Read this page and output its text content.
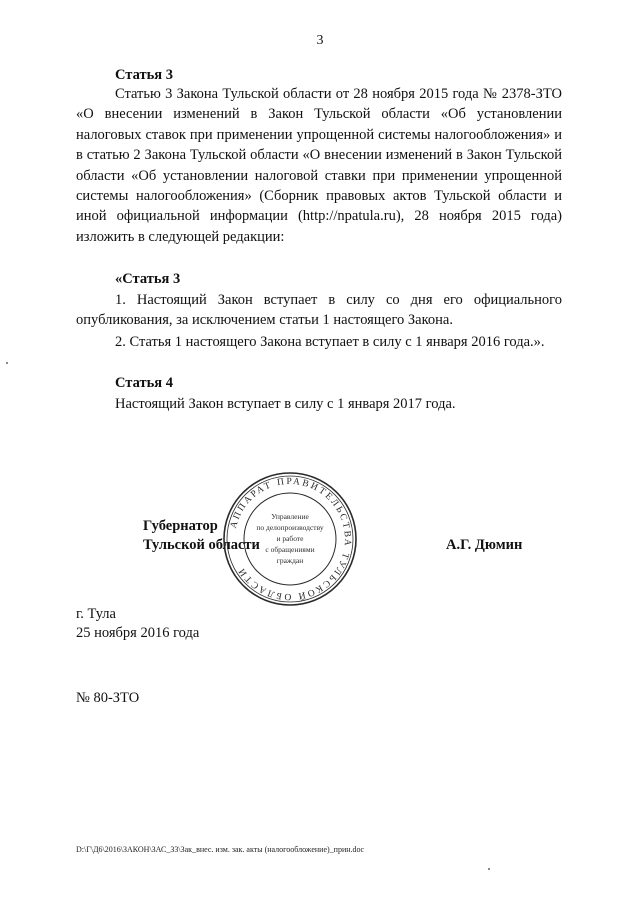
3
Статья 3
Статью 3 Закона Тульской области от 28 ноября 2015 года № 2378-ЗТО «О внесении изменений в Закон Тульской области «Об установлении налоговых ставок при применении упрощенной системы налогообложения» и в статью 2 Закона Тульской области «О внесении изменений в Закон Тульской области «Об установлении налоговой ставки при применении упрощенной системы налогообложения» (Сборник правовых актов Тульской области и иной официальной информации (http://npatula.ru), 28 ноября 2015 года) изложить в следующей редакции:
«Статья 3
1. Настоящий Закон вступает в силу со дня его официального опубликования, за исключением статьи 1 настоящего Закона.
2. Статья 1 настоящего Закона вступает в силу с 1 января 2016 года.».
Статья 4
Настоящий Закон вступает в силу с 1 января 2017 года.
АППАРАТ ПРАВИТЕЛЬСТВА ТУЛЬСКОЙ ОБЛАСТИ
Управление
по делопроизводству
и работе
с обращениями
граждан
Губернатор
Тульской области	А.Г. Дюмин
г. Тула
25 ноября 2016 года
№ 80-ЗТО
D:\Г\Д6\2016\ЗАКОН\ЗАС_33\Зак_внес. изм. зак. акты (налогообложение)_прин.doc
